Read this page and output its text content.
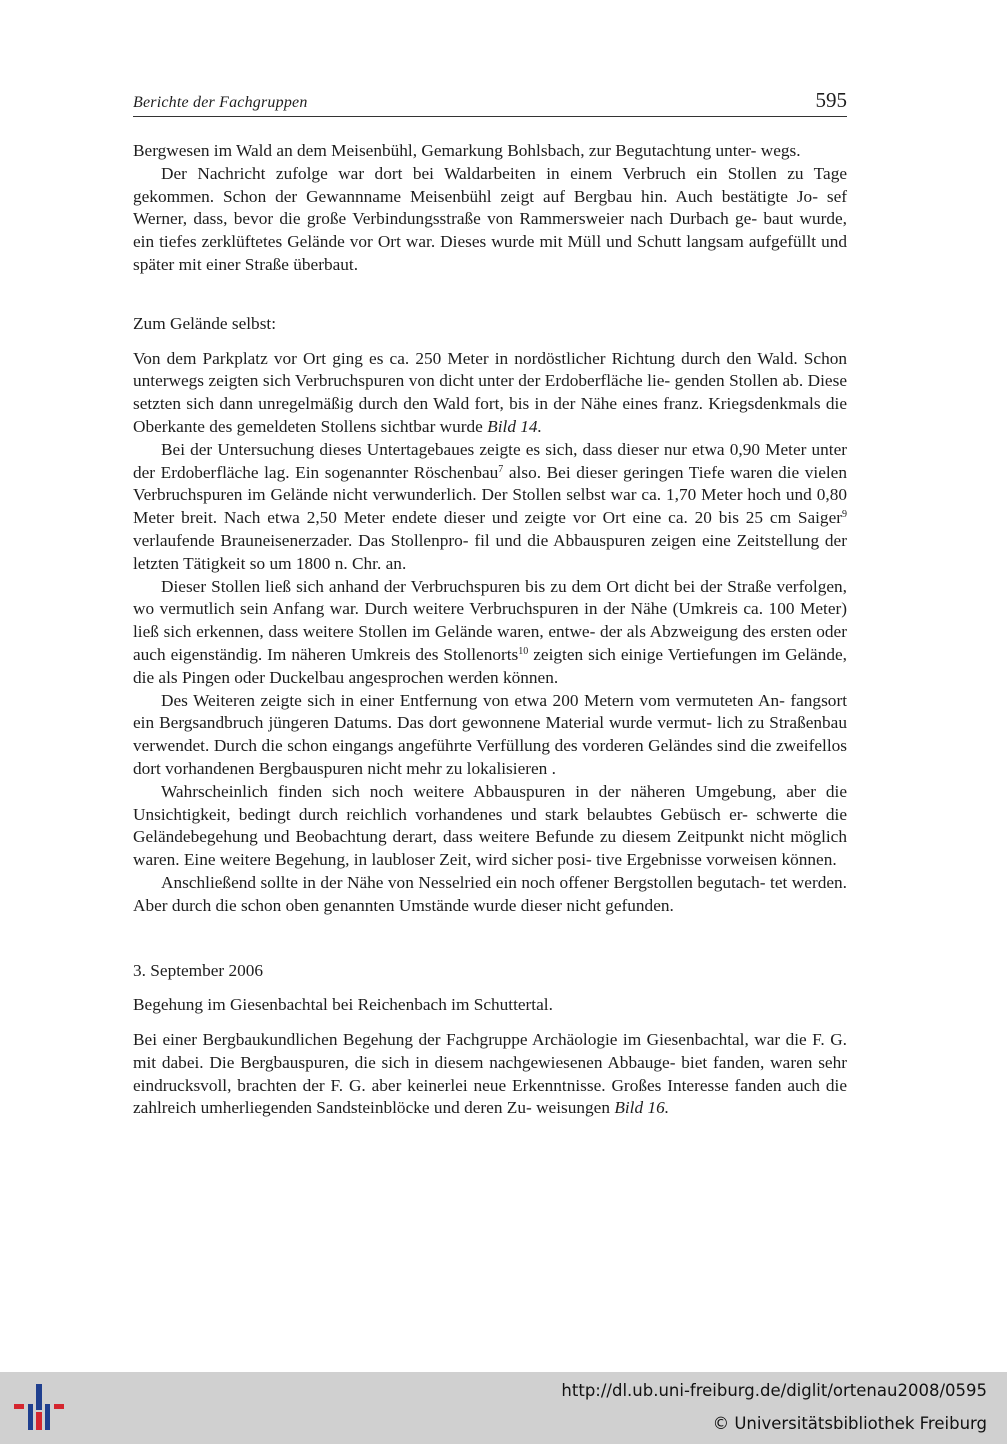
Berichte der Fachgruppen	595

Bergwesen im Wald an dem Meisenbühl, Gemarkung Bohlsbach, zur Begutachtung unter- wegs.

Der Nachricht zufolge war dort bei Waldarbeiten in einem Verbruch ein Stollen zu Tage gekommen. Schon der Gewannname Meisenbühl zeigt auf Bergbau hin. Auch bestätigte Jo- sef Werner, dass, bevor die große Verbindungsstraße von Rammersweier nach Durbach ge- baut wurde, ein tiefes zerklüftetes Gelände vor Ort war. Dieses wurde mit Müll und Schutt langsam aufgefüllt und später mit einer Straße überbaut.

Zum Gelände selbst:

Von dem Parkplatz vor Ort ging es ca. 250 Meter in nordöstlicher Richtung durch den Wald. Schon unterwegs zeigten sich Verbruchspuren von dicht unter der Erdoberfläche lie- genden Stollen ab. Diese setzten sich dann unregelmäßig durch den Wald fort, bis in der Nähe eines franz. Kriegsdenkmals die Oberkante des gemeldeten Stollens sichtbar wurde Bild 14.

Bei der Untersuchung dieses Untertagebaues zeigte es sich, dass dieser nur etwa 0,90 Meter unter der Erdoberfläche lag. Ein sogenannter Röschenbau$^7$ also. Bei dieser geringen Tiefe waren die vielen Verbruchspuren im Gelände nicht verwunderlich. Der Stollen selbst war ca. 1,70 Meter hoch und 0,80 Meter breit. Nach etwa 2,50 Meter endete dieser und zeigte vor Ort eine ca. 20 bis 25 cm Saiger$^9$ verlaufende Brauneisenerzader. Das Stollenpro- fil und die Abbauspuren zeigen eine Zeitstellung der letzten Tätigkeit so um 1800 n. Chr. an.

Dieser Stollen ließ sich anhand der Verbruchspuren bis zu dem Ort dicht bei der Straße verfolgen, wo vermutlich sein Anfang war. Durch weitere Verbruchspuren in der Nähe (Umkreis ca. 100 Meter) ließ sich erkennen, dass weitere Stollen im Gelände waren, entwe- der als Abzweigung des ersten oder auch eigenständig. Im näheren Umkreis des Stollenorts$^{10}$ zeigten sich einige Vertiefungen im Gelände, die als Pingen oder Duckelbau angesprochen werden können.

Des Weiteren zeigte sich in einer Entfernung von etwa 200 Metern vom vermuteten An- fangsort ein Bergsandbruch jüngeren Datums. Das dort gewonnene Material wurde vermut- lich zu Straßenbau verwendet. Durch die schon eingangs angeführte Verfüllung des vorderen Geländes sind die zweifellos dort vorhandenen Bergbauspuren nicht mehr zu lokalisieren .

Wahrscheinlich finden sich noch weitere Abbauspuren in der näheren Umgebung, aber die Unsichtigkeit, bedingt durch reichlich vorhandenes und stark belaubtes Gebüsch er- schwerte die Geländebegehung und Beobachtung derart, dass weitere Befunde zu diesem Zeitpunkt nicht möglich waren. Eine weitere Begehung, in laubloser Zeit, wird sicher posi- tive Ergebnisse vorweisen können.

Anschließend sollte in der Nähe von Nesselried ein noch offener Bergstollen begutach- tet werden. Aber durch die schon oben genannten Umstände wurde dieser nicht gefunden.

3. September 2006

Begehung im Giesenbachtal bei Reichenbach im Schuttertal.

Bei einer Bergbaukundlichen Begehung der Fachgruppe Archäologie im Giesenbachtal, war die F. G. mit dabei. Die Bergbauspuren, die sich in diesem nachgewiesenen Abbauge- biet fanden, waren sehr eindrucksvoll, brachten der F. G. aber keinerlei neue Erkenntnisse. Großes Interesse fanden auch die zahlreich umherliegenden Sandsteinblöcke und deren Zu- weisungen Bild 16.

http://dl.ub.uni-freiburg.de/diglit/ortenau2008/0595
© Universitätsbibliothek Freiburg
